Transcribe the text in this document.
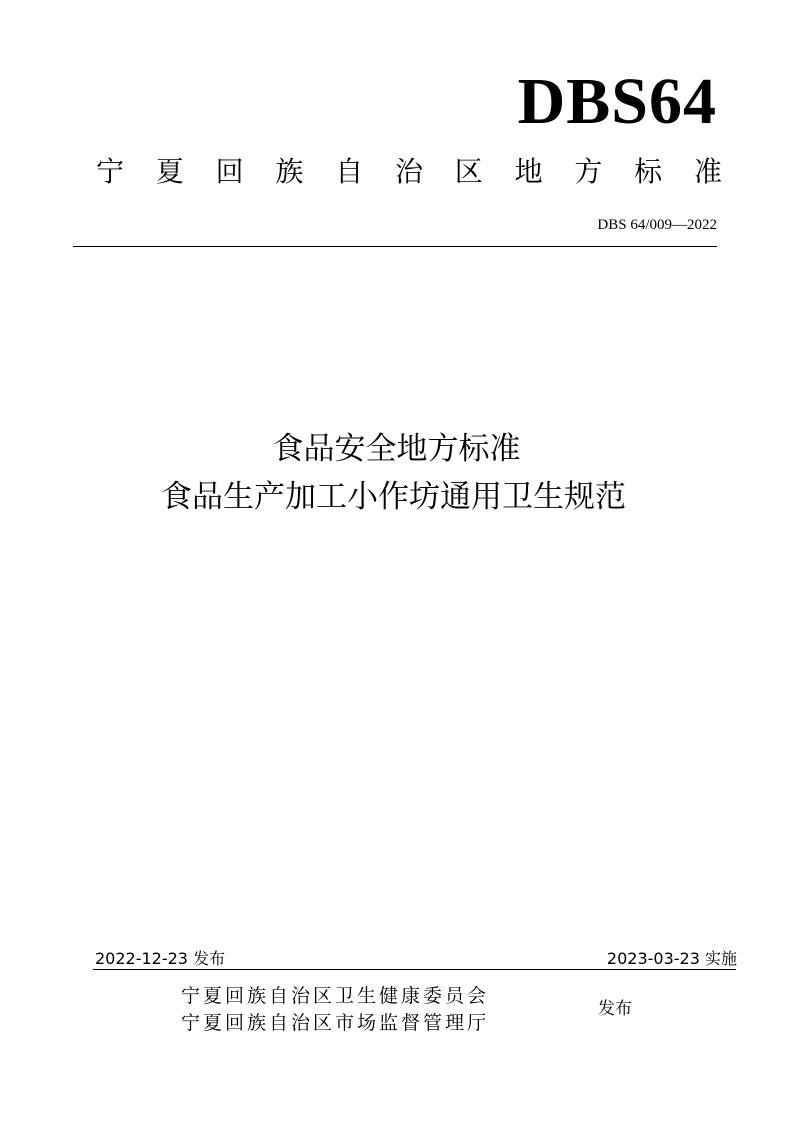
DBS64
宁夏回族自治区地方标准
DBS 64/009—2022
食品安全地方标准
食品生产加工小作坊通用卫生规范
2022-12-23 发布	2023-03-23 实施
宁夏回族自治区卫生健康委员会
宁夏回族自治区市场监督管理厅
发布
